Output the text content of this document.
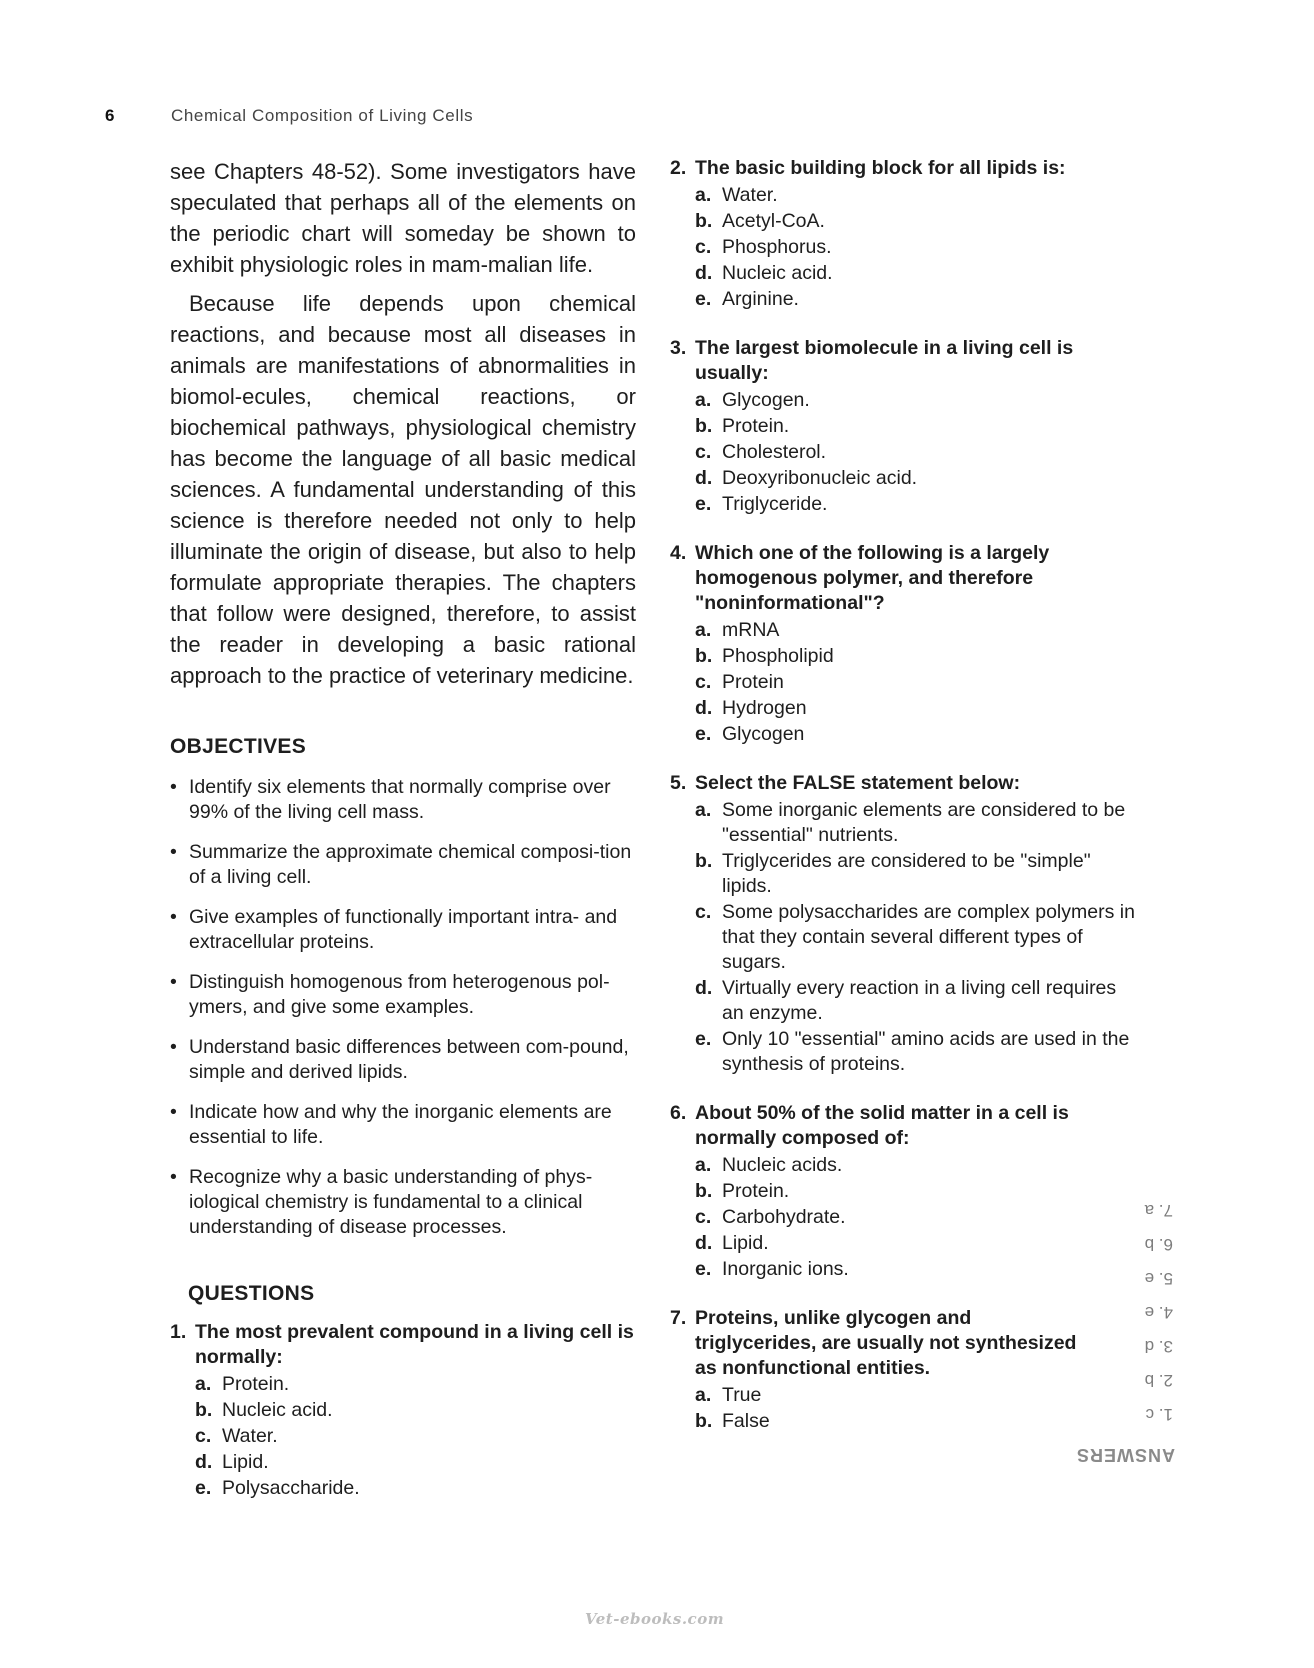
6	Chemical Composition of Living Cells

see Chapters 48-52). Some investigators have speculated that perhaps all of the elements on the periodic chart will someday be shown to exhibit physiologic roles in mam-malian life.

Because life depends upon chemical reactions, and because most all diseases in animals are manifestations of abnormalities in biomol-ecules, chemical reactions, or biochemical pathways, physiological chemistry has become the language of all basic medical sciences. A fundamental understanding of this science is therefore needed not only to help illuminate the origin of disease, but also to help formulate appropriate therapies. The chapters that follow were designed, therefore, to assist the reader in developing a basic rational approach to the practice of veterinary medicine.

OBJECTIVES
• Identify six elements that normally comprise over 99% of the living cell mass.
• Summarize the approximate chemical composi-tion of a living cell.
• Give examples of functionally important intra- and extracellular proteins.
• Distinguish homogenous from heterogenous pol-ymers, and give some examples.
• Understand basic differences between com-pound, simple and derived lipids.
• Indicate how and why the inorganic elements are essential to life.
• Recognize why a basic understanding of phys-iological chemistry is fundamental to a clinical understanding of disease processes.
QUESTIONS
1. The most prevalent compound in a living cell is normally:
a. Protein.
b. Nucleic acid.
c. Water.
d. Lipid.
e. Polysaccharide.
2. The basic building block for all lipids is:
a. Water.
b. Acetyl-CoA.
c. Phosphorus.
d. Nucleic acid.
e. Arginine.
3. The largest biomolecule in a living cell is usually:
a. Glycogen.
b. Protein.
c. Cholesterol.
d. Deoxyribonucleic acid.
e. Triglyceride.
4. Which one of the following is a largely homogenous polymer, and therefore "noninformational"?
a. mRNA
b. Phospholipid
c. Protein
d. Hydrogen
e. Glycogen
5. Select the FALSE statement below:
a. Some inorganic elements are considered to be "essential" nutrients.
b. Triglycerides are considered to be "simple" lipids.
c. Some polysaccharides are complex polymers in that they contain several different types of sugars.
d. Virtually every reaction in a living cell requires an enzyme.
e. Only 10 "essential" amino acids are used in the synthesis of proteins.
6. About 50% of the solid matter in a cell is normally composed of:
a. Nucleic acids.
b. Protein.
c. Carbohydrate.
d. Lipid.
e. Inorganic ions.
7. Proteins, unlike glycogen and triglycerides, are usually not synthesized as nonfunctional entities.
a. True
b. False
ANSWERS
1. c
2. b
3. d
4. e
5. e
6. b
7. a
Vet-ebooks.com
